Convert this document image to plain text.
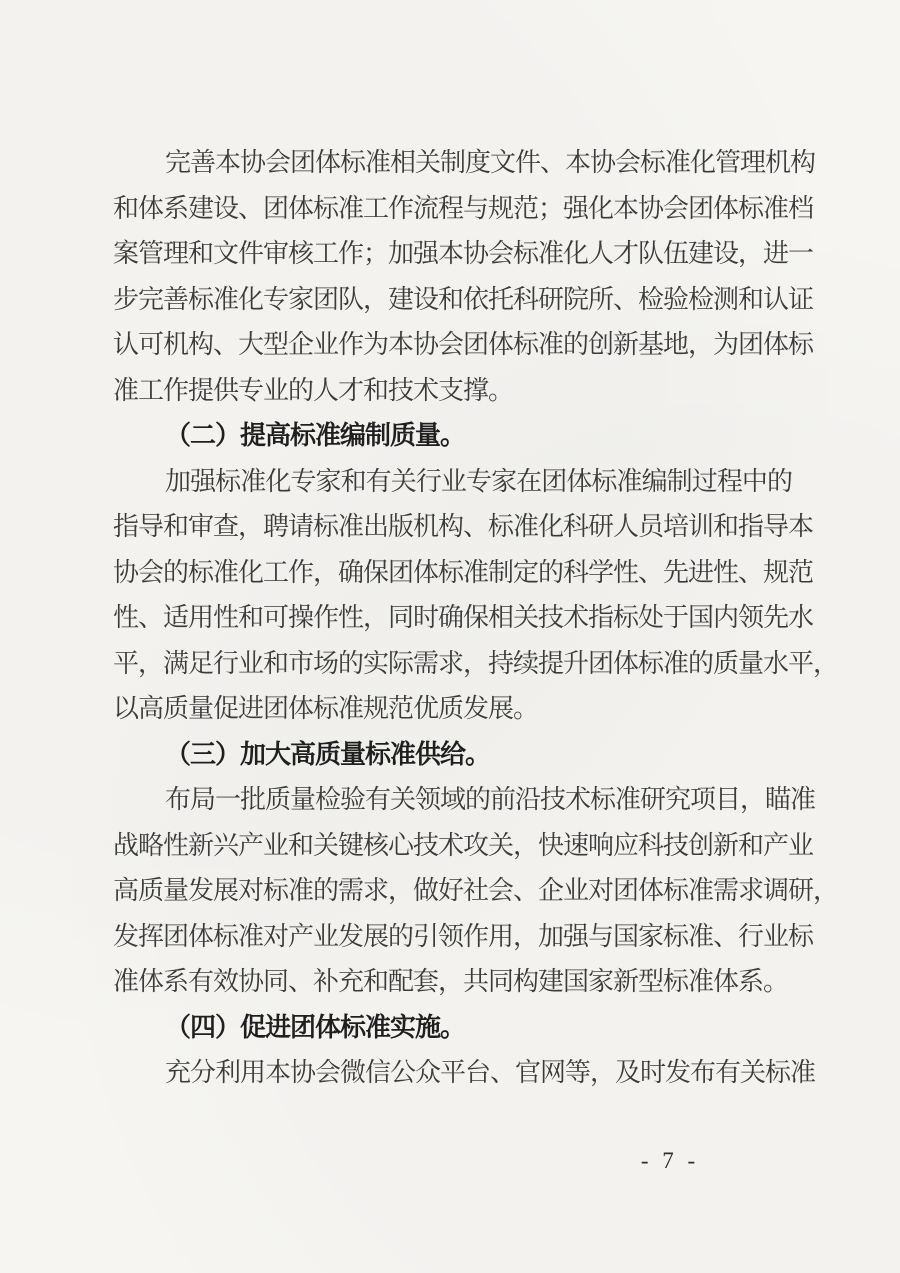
完善本协会团体标准相关制度文件、本协会标准化管理机构

和体系建设、团体标准工作流程与规范；强化本协会团体标准档

案管理和文件审核工作；加强本协会标准化人才队伍建设，进一

步完善标准化专家团队，建设和依托科研院所、检验检测和认证

认可机构、大型企业作为本协会团体标准的创新基地，为团体标

准工作提供专业的人才和技术支撑。

（二）提高标准编制质量。

加强标准化专家和有关行业专家在团体标准编制过程中的

指导和审查，聘请标准出版机构、标准化科研人员培训和指导本

协会的标准化工作，确保团体标准制定的科学性、先进性、规范

性、适用性和可操作性，同时确保相关技术指标处于国内领先水

平，满足行业和市场的实际需求，持续提升团体标准的质量水平，

以高质量促进团体标准规范优质发展。

（三）加大高质量标准供给。

布局一批质量检验有关领域的前沿技术标准研究项目，瞄准

战略性新兴产业和关键核心技术攻关，快速响应科技创新和产业

高质量发展对标准的需求，做好社会、企业对团体标准需求调研，

发挥团体标准对产业发展的引领作用，加强与国家标准、行业标

准体系有效协同、补充和配套，共同构建国家新型标准体系。

（四）促进团体标准实施。

充分利用本协会微信公众平台、官网等，及时发布有关标准

- 7 -
